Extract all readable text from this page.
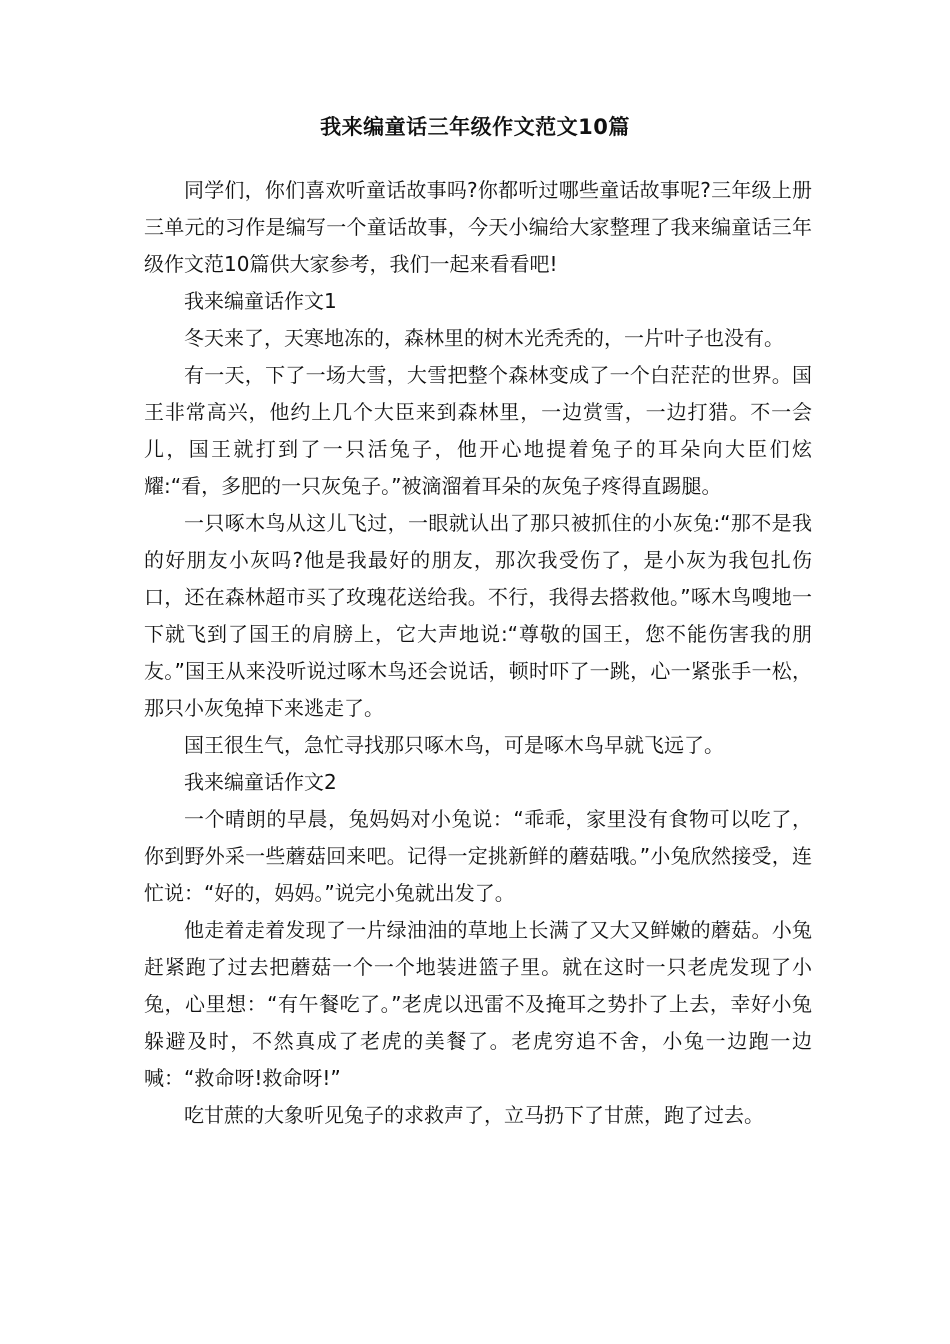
我来编童话三年级作文范文10篇

同学们，你们喜欢听童话故事吗?你都听过哪些童话故事呢?三年级上册三单元的习作是编写一个童话故事，今天小编给大家整理了我来编童话三年级作文范10篇供大家参考，我们一起来看看吧!

我来编童话作文1

冬天来了，天寒地冻的，森林里的树木光秃秃的，一片叶子也没有。

有一天，下了一场大雪，大雪把整个森林变成了一个白茫茫的世界。国王非常高兴，他约上几个大臣来到森林里，一边赏雪，一边打猎。不一会儿，国王就打到了一只活兔子，他开心地提着兔子的耳朵向大臣们炫耀:“看，多肥的一只灰兔子。”被滴溜着耳朵的灰兔子疼得直踢腿。

一只啄木鸟从这儿飞过，一眼就认出了那只被抓住的小灰兔:“那不是我的好朋友小灰吗?他是我最好的朋友，那次我受伤了，是小灰为我包扎伤口，还在森林超市买了玫瑰花送给我。不行，我得去搭救他。”啄木鸟嗖地一下就飞到了国王的肩膀上，它大声地说:“尊敬的国王，您不能伤害我的朋友。”国王从来没听说过啄木鸟还会说话，顿时吓了一跳，心一紧张手一松，那只小灰兔掉下来逃走了。

国王很生气，急忙寻找那只啄木鸟，可是啄木鸟早就飞远了。

我来编童话作文2

一个晴朗的早晨，兔妈妈对小兔说：“乖乖，家里没有食物可以吃了，你到野外采一些蘑菇回来吧。记得一定挑新鲜的蘑菇哦。”小兔欣然接受，连忙说：“好的，妈妈。”说完小兔就出发了。

他走着走着发现了一片绿油油的草地上长满了又大又鲜嫩的蘑菇。小兔赶紧跑了过去把蘑菇一个一个地装进篮子里。就在这时一只老虎发现了小兔，心里想：“有午餐吃了。”老虎以迅雷不及掩耳之势扑了上去，幸好小兔躲避及时，不然真成了老虎的美餐了。老虎穷追不舍，小兔一边跑一边喊：“救命呀!救命呀!”

吃甘蔗的大象听见兔子的求救声了，立马扔下了甘蔗，跑了过去。
